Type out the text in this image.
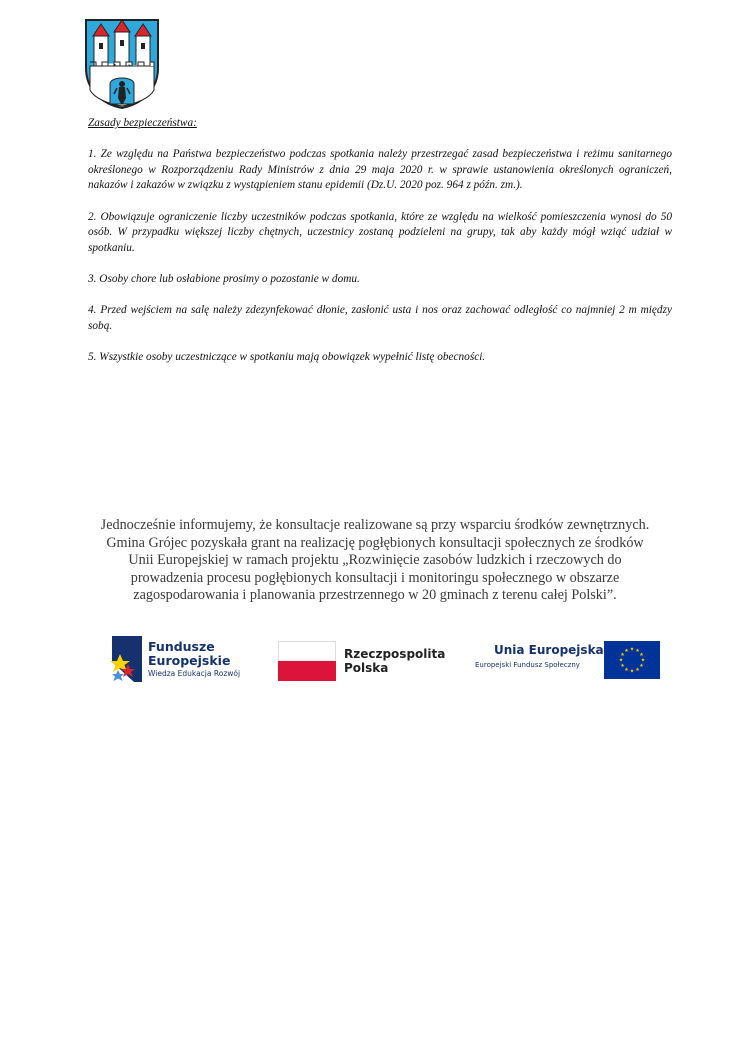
Zasady bezpieczeństwa:

1. Ze względu na Państwa bezpieczeństwo podczas spotkania należy przestrzegać zasad bezpieczeństwa i reżimu sanitarnego określonego w Rozporządzeniu Rady Ministrów z dnia 29 maja 2020 r. w sprawie ustanowienia określonych ograniczeń, nakazów i zakazów w związku z wystąpieniem stanu epidemii (Dz.U. 2020 poz. 964 z późn. zm.).

2. Obowiązuje ograniczenie liczby uczestników podczas spotkania, które ze względu na wielkość pomieszczenia wynosi do 50 osób. W przypadku większej liczby chętnych, uczestnicy zostaną podzieleni na grupy, tak aby każdy mógł wziąć udział w spotkaniu.

3. Osoby chore lub osłabione prosimy o pozostanie w domu.

4. Przed wejściem na salę należy zdezynfekować dłonie, zasłonić usta i nos oraz zachować odległość co najmniej 2 m między sobą.

5. Wszystkie osoby uczestniczące w spotkaniu mają obowiązek wypełnić listę obecności.

Jednocześnie informujemy, że konsultacje realizowane są przy wsparciu środków zewnętrznych. Gmina Grójec pozyskała grant na realizację pogłębionych konsultacji społecznych ze środków Unii Europejskiej w ramach projektu „Rozwinięcie zasobów ludzkich i rzeczowych do prowadzenia procesu pogłębionych konsultacji i monitoringu społecznego w obszarze zagospodarowania i planowania przestrzennego w 20 gminach z terenu całej Polski”.

Fundusze
Europejskie
Wiedza Edukacja Rozwój
Rzeczpospolita
Polska
Unia Europejska
Europejski Fundusz Społeczny
★ ★
★
★
★
★
★
★
★
★
★
★
